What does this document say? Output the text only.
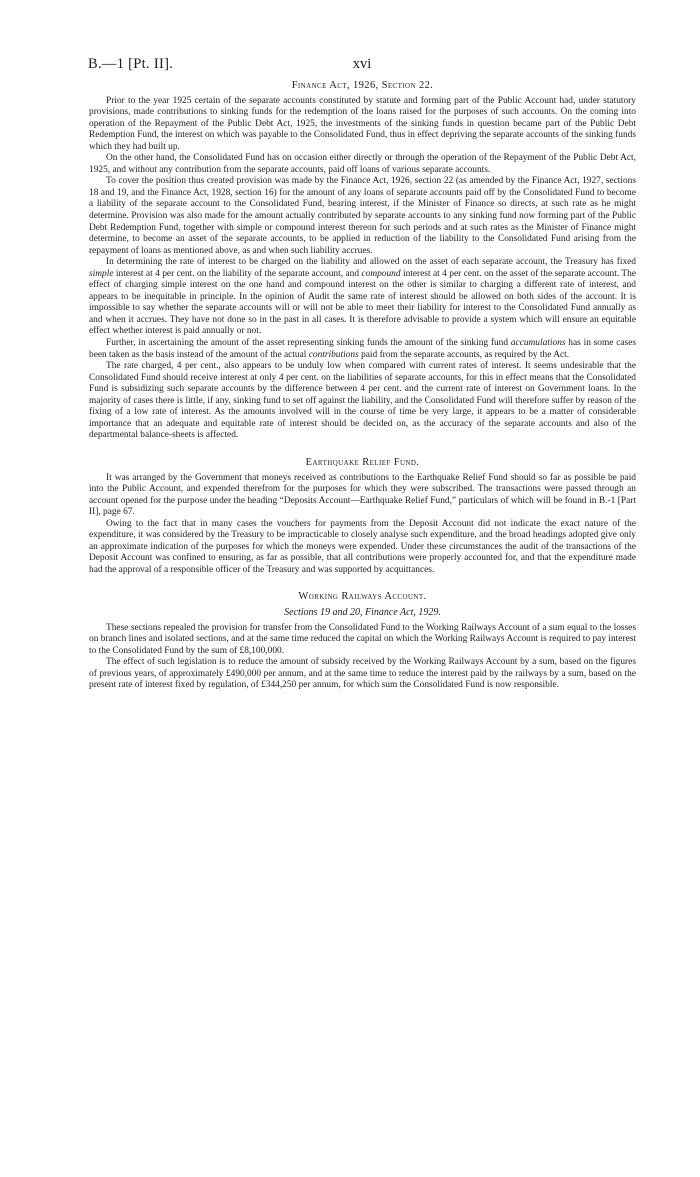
B.—1 [Pt. II].	xvi
Finance Act, 1926, Section 22.

Prior to the year 1925 certain of the separate accounts constituted by statute and forming part of the Public Account had, under statutory provisions, made contributions to sinking funds for the redemption of the loans raised for the purposes of such accounts. On the coming into operation of the Repayment of the Public Debt Act, 1925, the investments of the sinking funds in question became part of the Public Debt Redemption Fund, the interest on which was payable to the Consolidated Fund, thus in effect depriving the separate accounts of the sinking funds which they had built up.

On the other hand, the Consolidated Fund has on occasion either directly or through the operation of the Repayment of the Public Debt Act, 1925, and without any contribution from the separate accounts, paid off loans of various separate accounts.

To cover the position thus created provision was made by the Finance Act, 1926, section 22 (as amended by the Finance Act, 1927, sections 18 and 19, and the Finance Act, 1928, section 16) for the amount of any loans of separate accounts paid off by the Consolidated Fund to become a liability of the separate account to the Consolidated Fund, bearing interest, if the Minister of Finance so directs, at such rate as he might determine. Provision was also made for the amount actually contributed by separate accounts to any sinking fund now forming part of the Public Debt Redemption Fund, together with simple or compound interest thereon for such periods and at such rates as the Minister of Finance might determine, to become an asset of the separate accounts, to be applied in reduction of the liability to the Consolidated Fund arising from the repayment of loans as mentioned above, as and when such liability accrues.

In determining the rate of interest to be charged on the liability and allowed on the asset of each separate account, the Treasury has fixed simple interest at 4 per cent. on the liability of the separate account, and compound interest at 4 per cent. on the asset of the separate account. The effect of charging simple interest on the one hand and compound interest on the other is similar to charging a different rate of interest, and appears to be inequitable in principle. In the opinion of Audit the same rate of interest should be allowed on both sides of the account. It is impossible to say whether the separate accounts will or will not be able to meet their liability for interest to the Consolidated Fund annually as and when it accrues. They have not done so in the past in all cases. It is therefore advisable to provide a system which will ensure an equitable effect whether interest is paid annually or not.

Further, in ascertaining the amount of the asset representing sinking funds the amount of the sinking fund accumulations has in some cases been taken as the basis instead of the amount of the actual contributions paid from the separate accounts, as required by the Act.

The rate charged, 4 per cent., also appears to be unduly low when compared with current rates of interest. It seems undesirable that the Consolidated Fund should receive interest at only 4 per cent. on the liabilities of separate accounts, for this in effect means that the Consolidated Fund is subsidizing such separate accounts by the difference between 4 per cent. and the current rate of interest on Government loans. In the majority of cases there is little, if any, sinking fund to set off against the liability, and the Consolidated Fund will therefore suffer by reason of the fixing of a low rate of interest. As the amounts involved will in the course of time be very large, it appears to be a matter of considerable importance that an adequate and equitable rate of interest should be decided on, as the accuracy of the separate accounts and also of the departmental balance-sheets is affected.

Earthquake Relief Fund.

It was arranged by the Government that moneys received as contributions to the Earthquake Relief Fund should so far as possible be paid into the Public Account, and expended therefrom for the purposes for which they were subscribed. The transactions were passed through an account opened for the purpose under the heading “Deposits Account—Earthquake Relief Fund,” particulars of which will be found in B.-1 [Part II], page 67.

Owing to the fact that in many cases the vouchers for payments from the Deposit Account did not indicate the exact nature of the expenditure, it was considered by the Treasury to be impracticable to closely analyse such expenditure, and the broad headings adopted give only an approximate indication of the purposes for which the moneys were expended. Under these circumstances the audit of the transactions of the Deposit Account was confined to ensuring, as far as possible, that all contributions were properly accounted for, and that the expenditure made had the approval of a responsible officer of the Treasury and was supported by acquittances.

Working Railways Account.
Sections 19 and 20, Finance Act, 1929.

These sections repealed the provision for transfer from the Consolidated Fund to the Working Railways Account of a sum equal to the losses on branch lines and isolated sections, and at the same time reduced the capital on which the Working Railways Account is required to pay interest to the Consolidated Fund by the sum of £8,100,000.

The effect of such legislation is to reduce the amount of subsidy received by the Working Railways Account by a sum, based on the figures of previous years, of approximately £490,000 per annum, and at the same time to reduce the interest paid by the railways by a sum, based on the present rate of interest fixed by regulation, of £344,250 per annum, for which sum the Consolidated Fund is now responsible.
